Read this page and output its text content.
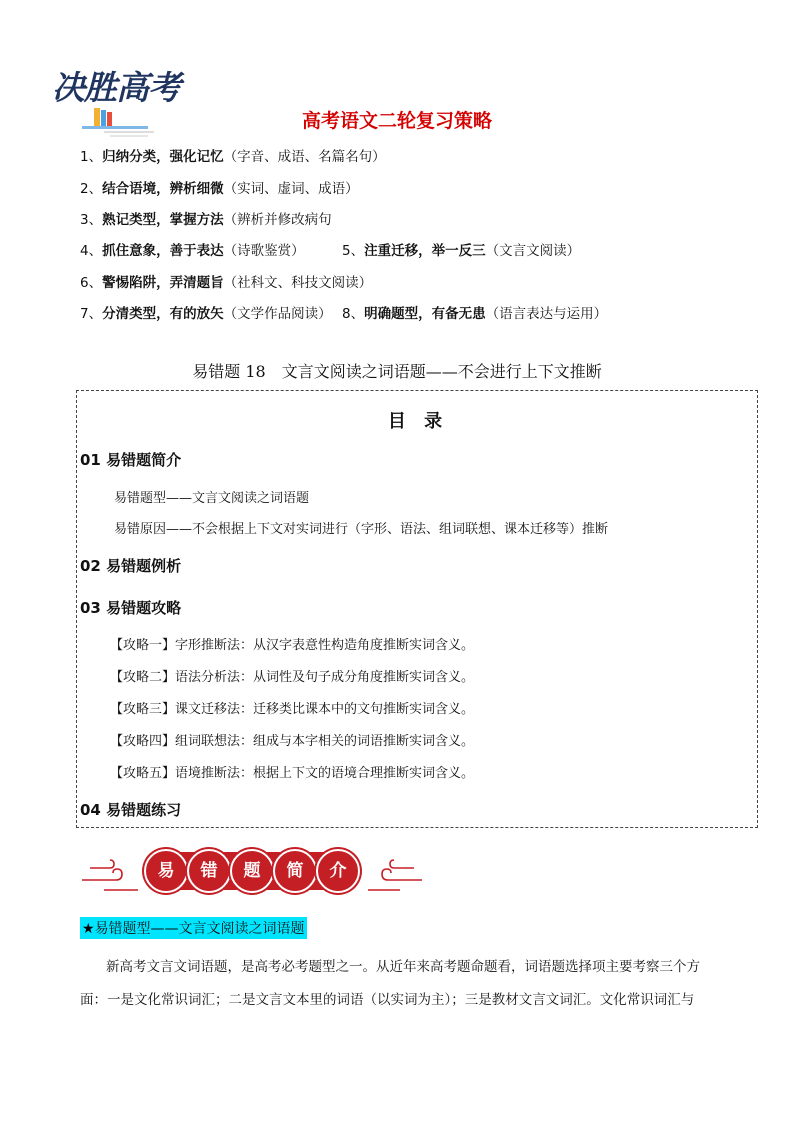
决胜高考
高考语文二轮复习策略
1、归纳分类，强化记忆（字音、成语、名篇名句）
2、结合语境，辨析细微（实词、虚词、成语）
3、熟记类型，掌握方法（辨析并修改病句
4、抓住意象，善于表达（诗歌鉴赏）	5、注重迁移，举一反三（文言文阅读）
6、警惕陷阱，弄清题旨（社科文、科技文阅读）
7、分清类型，有的放矢（文学作品阅读） 8、明确题型，有备无患（语言表达与运用）
易错题 18　文言文阅读之词语题——不会进行上下文推断
目 录
01 易错题简介
易错题型——文言文阅读之词语题
易错原因——不会根据上下文对实词进行（字形、语法、组词联想、课本迁移等）推断
02 易错题例析
03 易错题攻略
【攻略一】字形推断法：从汉字表意性构造角度推断实词含义。
【攻略二】语法分析法：从词性及句子成分角度推断实词含义。
【攻略三】课文迁移法：迁移类比课本中的文句推断实词含义。
【攻略四】组词联想法：组成与本字相关的词语推断实词含义。
【攻略五】语境推断法：根据上下文的语境合理推断实词含义。
04 易错题练习
易	错	题	简	介
★易错题型——文言文阅读之词语题
新高考文言文词语题，是高考必考题型之一。从近年来高考题命题看，词语题选择项主要考察三个方
面：一是文化常识词汇；二是文言文本里的词语（以实词为主）；三是教材文言文词汇。文化常识词汇与
